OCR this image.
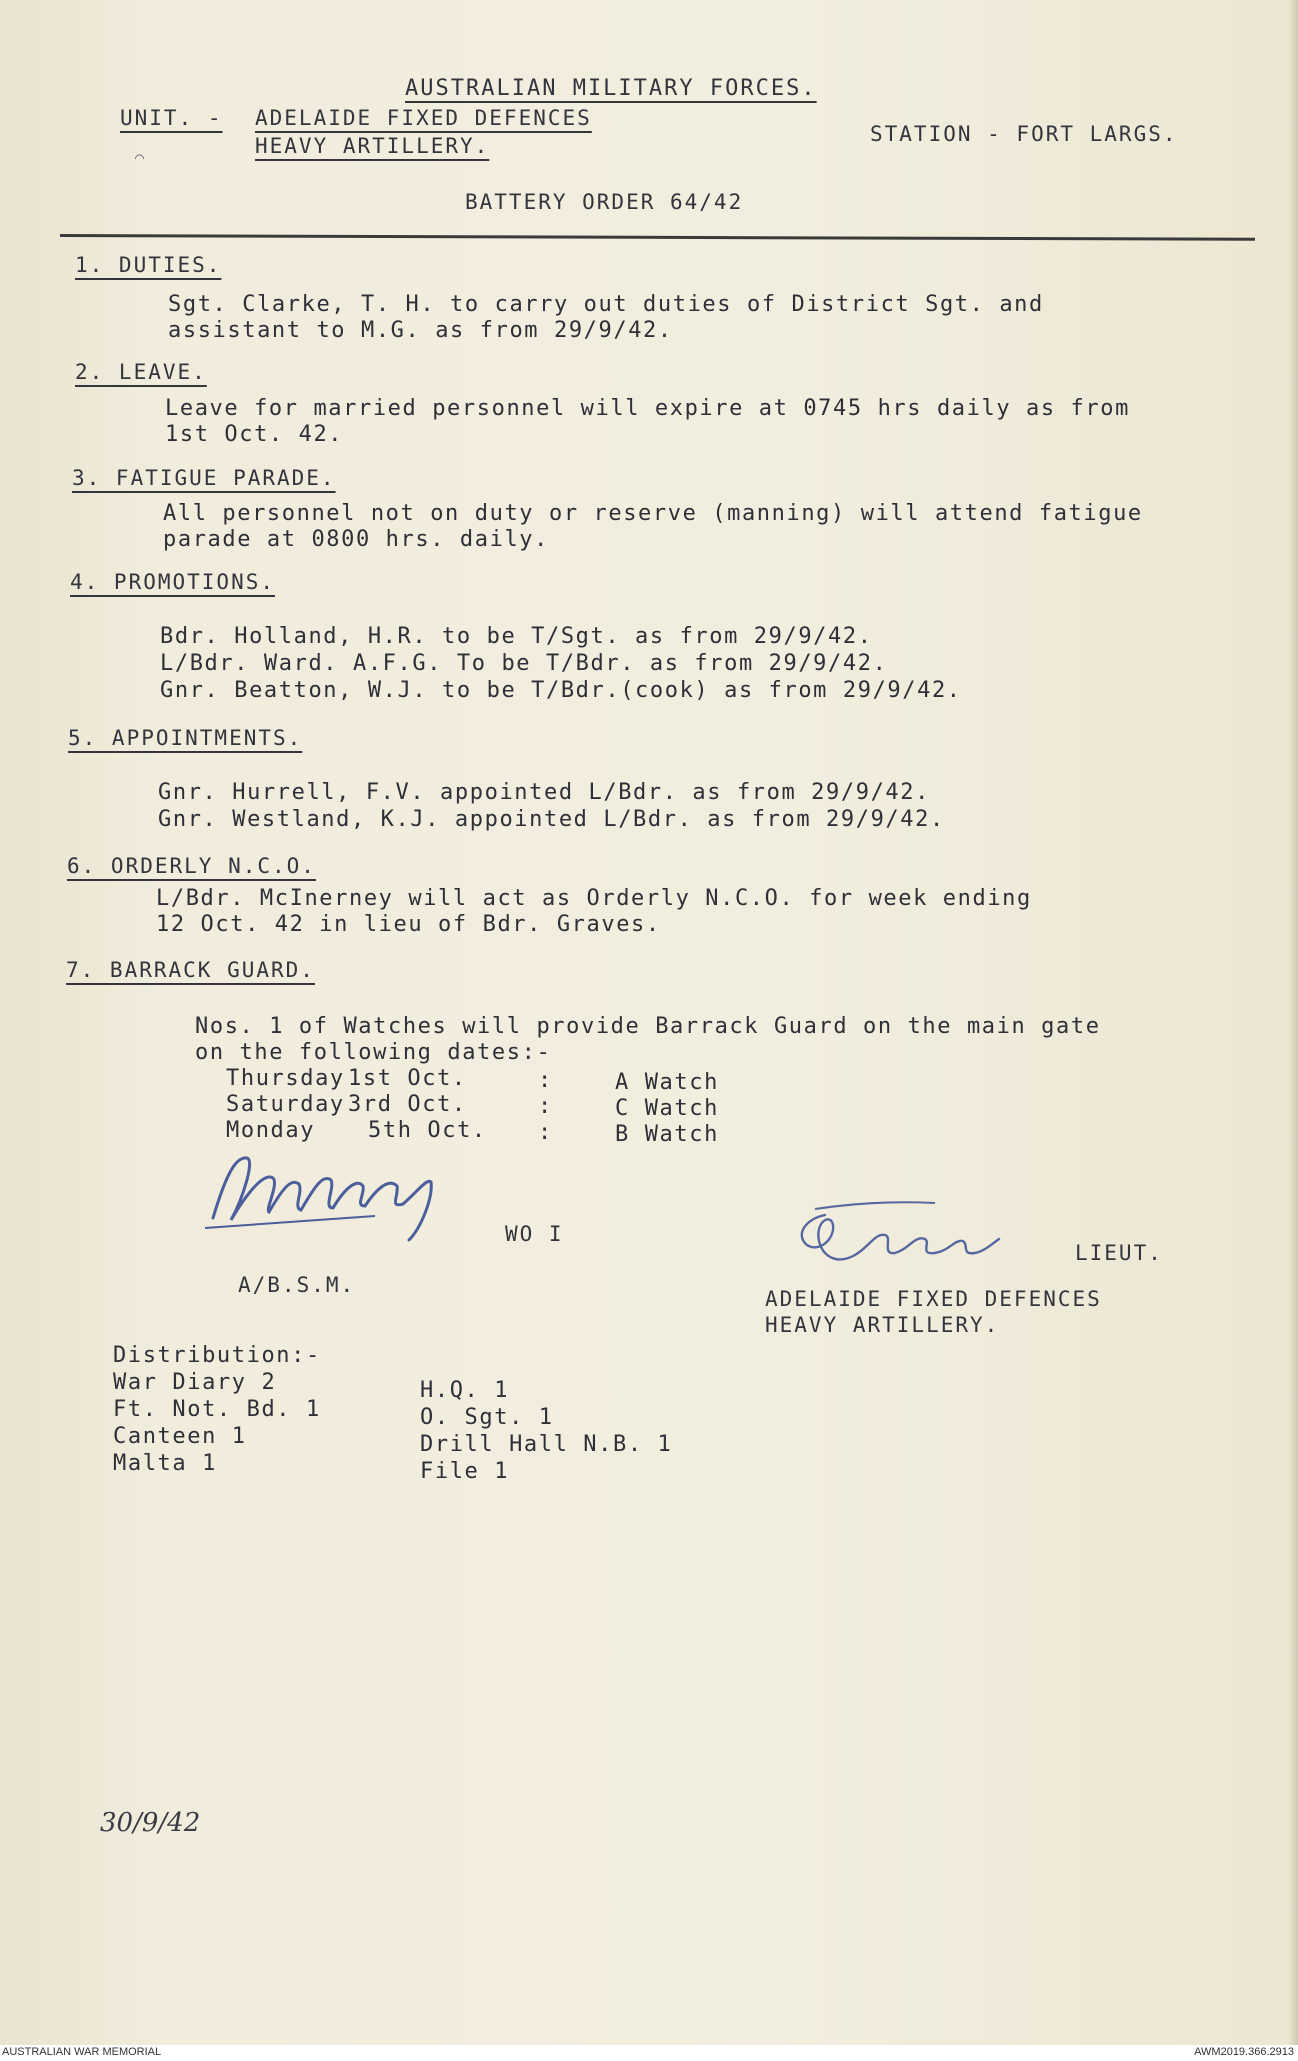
AUSTRALIAN MILITARY FORCES.
UNIT. - ADELAIDE FIXED DEFENCES
HEAVY ARTILLERY.	STATION - FORT LARGS.
⌒
BATTERY ORDER 64/42
1. DUTIES.
Sgt. Clarke, T. H. to carry out duties of District Sgt. and
assistant to M.G. as from 29/9/42.
2. LEAVE.
Leave for married personnel will expire at 0745 hrs daily as from
1st Oct. 42.
3. FATIGUE PARADE.
All personnel not on duty or reserve (manning) will attend fatigue
parade at 0800 hrs. daily.
4. PROMOTIONS.
Bdr. Holland, H.R. to be T/Sgt. as from 29/9/42.
L/Bdr. Ward. A.F.G. To be T/Bdr. as from 29/9/42.
Gnr. Beatton, W.J. to be T/Bdr.(cook) as from 29/9/42.
5. APPOINTMENTS.
Gnr. Hurrell, F.V. appointed L/Bdr. as from 29/9/42.
Gnr. Westland, K.J. appointed L/Bdr. as from 29/9/42.
6. ORDERLY N.C.O.
L/Bdr. McInerney will act as Orderly N.C.O. for week ending
12 Oct. 42 in lieu of Bdr. Graves.
7. BARRACK GUARD.
Nos. 1 of Watches will provide Barrack Guard on the main gate
on the following dates:-
Thursday 1st Oct.	:	A Watch
Saturday 3rd Oct.	:	C Watch
Monday 5th Oct. :	B Watch
WO I
A/B.S.M.
LIEUT.
ADELAIDE FIXED DEFENCES
HEAVY ARTILLERY.
Distribution:-
War Diary 2
Ft. Not. Bd. 1
Canteen 1
Malta 1
H.Q. 1
O. Sgt. 1
Drill Hall N.B. 1
File 1
30/9/42
AUSTRALIAN WAR MEMORIAL	AWM2019.366.2913
